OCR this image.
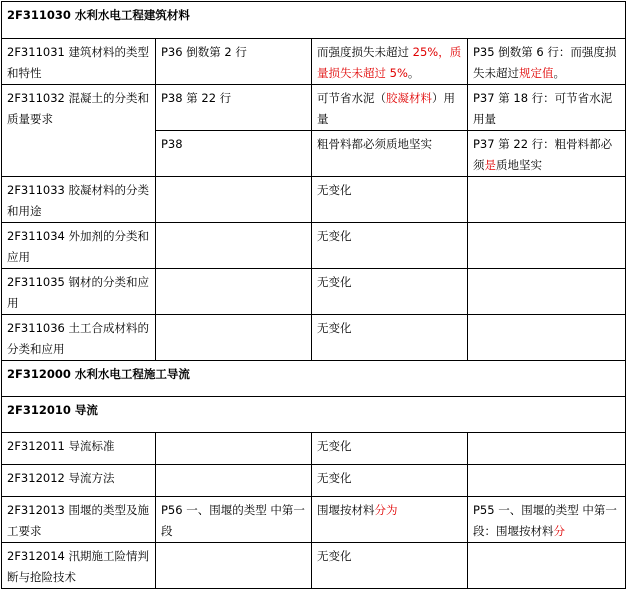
2F311030 水利水电工程建筑材料			
2F311031 建筑材料的类型和特性	P36 倒数第 2 行	而强度损失未超过 25%，质量损失未超过 5%。	P35 倒数第 6 行：而强度损失未超过规定值。
2F311032 混凝土的分类和质量要求	P38 第 22 行	可节省水泥（胶凝材料）用量	P37 第 18 行：可节省水泥用量
	P38	粗骨料都必须质地坚实	P37 第 22 行：粗骨料都必须是质地坚实
2F311033 胶凝材料的分类和用途		无变化	
2F311034 外加剂的分类和应用		无变化	
2F311035 钢材的分类和应用		无变化	
2F311036 土工合成材料的分类和应用		无变化	
2F312000 水利水电工程施工导流			
2F312010 导流			
2F312011 导流标准		无变化	
2F312012 导流方法		无变化	
2F312013 围堰的类型及施工要求	P56 一、围堰的类型 中第一段	围堰按材料分为	P55 一、围堰的类型 中第一段：围堰按材料分
2F312014 汛期施工险情判断与抢险技术		无变化	
